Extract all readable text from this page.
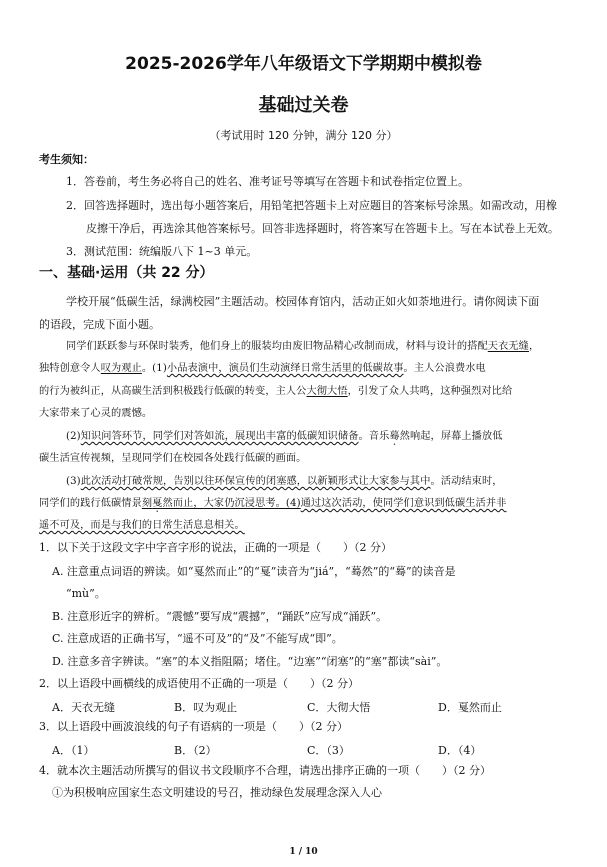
2025-2026学年八年级语文下学期期中模拟卷
基础过关卷
（考试用时 120 分钟，满分 120 分）
考生须知：
1．答卷前，考生务必将自己的姓名、准考证号等填写在答题卡和试卷指定位置上。
2．回答选择题时，选出每小题答案后，用铅笔把答题卡上对应题目的答案标号涂黑。如需改动，用橡
皮擦干净后，再选涂其他答案标号。回答非选择题时，将答案写在答题卡上。写在本试卷上无效。
3．测试范围：统编版八下 1~3 单元。
一、基础·运用（共 22 分）
学校开展“低碳生活，绿满校园”主题活动。校园体育馆内，活动正如火如荼地进行。请你阅读下面
的语段，完成下面小题。
同学们跃跃参与环保时装秀，他们身上的服装均由废旧物品精心改制而成，材料与设计的搭配天衣无缝，
独特创意令人叹为观止。(1)小品表演中，演员们生动演绎日常生活里的低碳故事。主人公浪费水电
的行为被纠正，从高碳生活到积极践行低碳的转变，主人公大彻大悟，引发了众人共鸣，这种强烈对比给
大家带来了心灵的震憾。
(2)知识问答环节，同学们对答如流，展现出丰富的低碳知识储备。音乐蓦然响起，屏幕上播放低
碳生活宣传视频，呈现同学们在校园各处践行低碳的画面。
(3)此次活动打破常规，告别以往环保宣传的闭塞感，以新颖形式让大家参与其中。活动结束时，
同学们的践行低碳情景刻戛然而止，大家仍沉浸思考。(4)通过这次活动，使同学们意识到低碳生活并非
遥不可及，而是与我们的日常生活息息相关。
1．以下关于这段文字中字音字形的说法，正确的一项是（　　）（2 分）
A. 注意重点词语的辨读。如“戛然而止”的“戛”读音为“jiá”，“蓦然”的“蓦”的读音是
“mù”。
B. 注意形近字的辨析。“震憾”要写成“震撼”，“踊跃”应写成“涌跃”。
C. 注意成语的正确书写，“遥不可及”的“及”不能写成“即”。
D. 注意多音字辨读。“塞”的本义指阻隔；堵住。“边塞”“闭塞”的“塞”都读“sài”。
2．以上语段中画横线的成语使用不正确的一项是（　　）（2 分）
A．天衣无缝	B．叹为观止	C．大彻大悟	D．戛然而止
3．以上语段中画波浪线的句子有语病的一项是（　　）（2 分）
A．（1）	B．（2）	C．（3）	D．（4）
4．就本次主题活动所撰写的倡议书文段顺序不合理，请选出排序正确的一项（　　）（2 分）
①为积极响应国家生态文明建设的号召，推动绿色发展理念深入人心
1 / 10
